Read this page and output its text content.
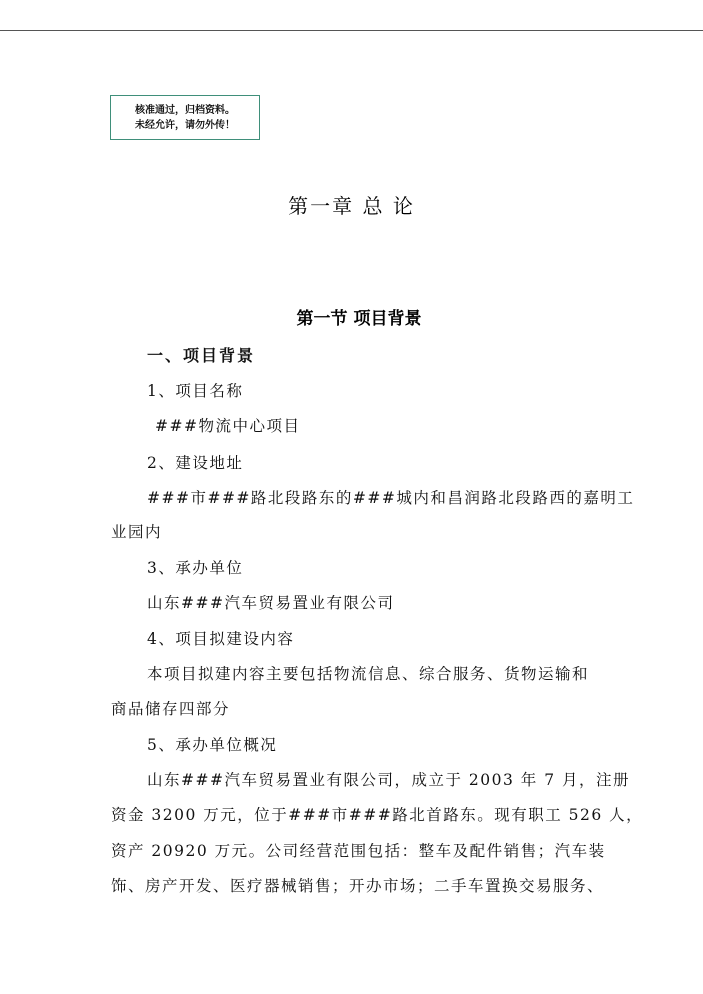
核准通过，归档资料。
未经允许，请勿外传！
第一章 总 论
第一节 项目背景
一、项目背景
1、项目名称
###物流中心项目
2、建设地址
###市###路北段路东的###城内和昌润路北段路西的嘉明工
业园内
3、承办单位
山东###汽车贸易置业有限公司
4、项目拟建设内容
本项目拟建内容主要包括物流信息、综合服务、货物运输和
商品储存四部分
5、承办单位概况
山东###汽车贸易置业有限公司，成立于 2003 年 7 月，注册
资金 3200 万元，位于###市###路北首路东。现有职工 526 人，
资产 20920 万元。公司经营范围包括：整车及配件销售；汽车装
饰、房产开发、医疗器械销售；开办市场；二手车置换交易服务、
